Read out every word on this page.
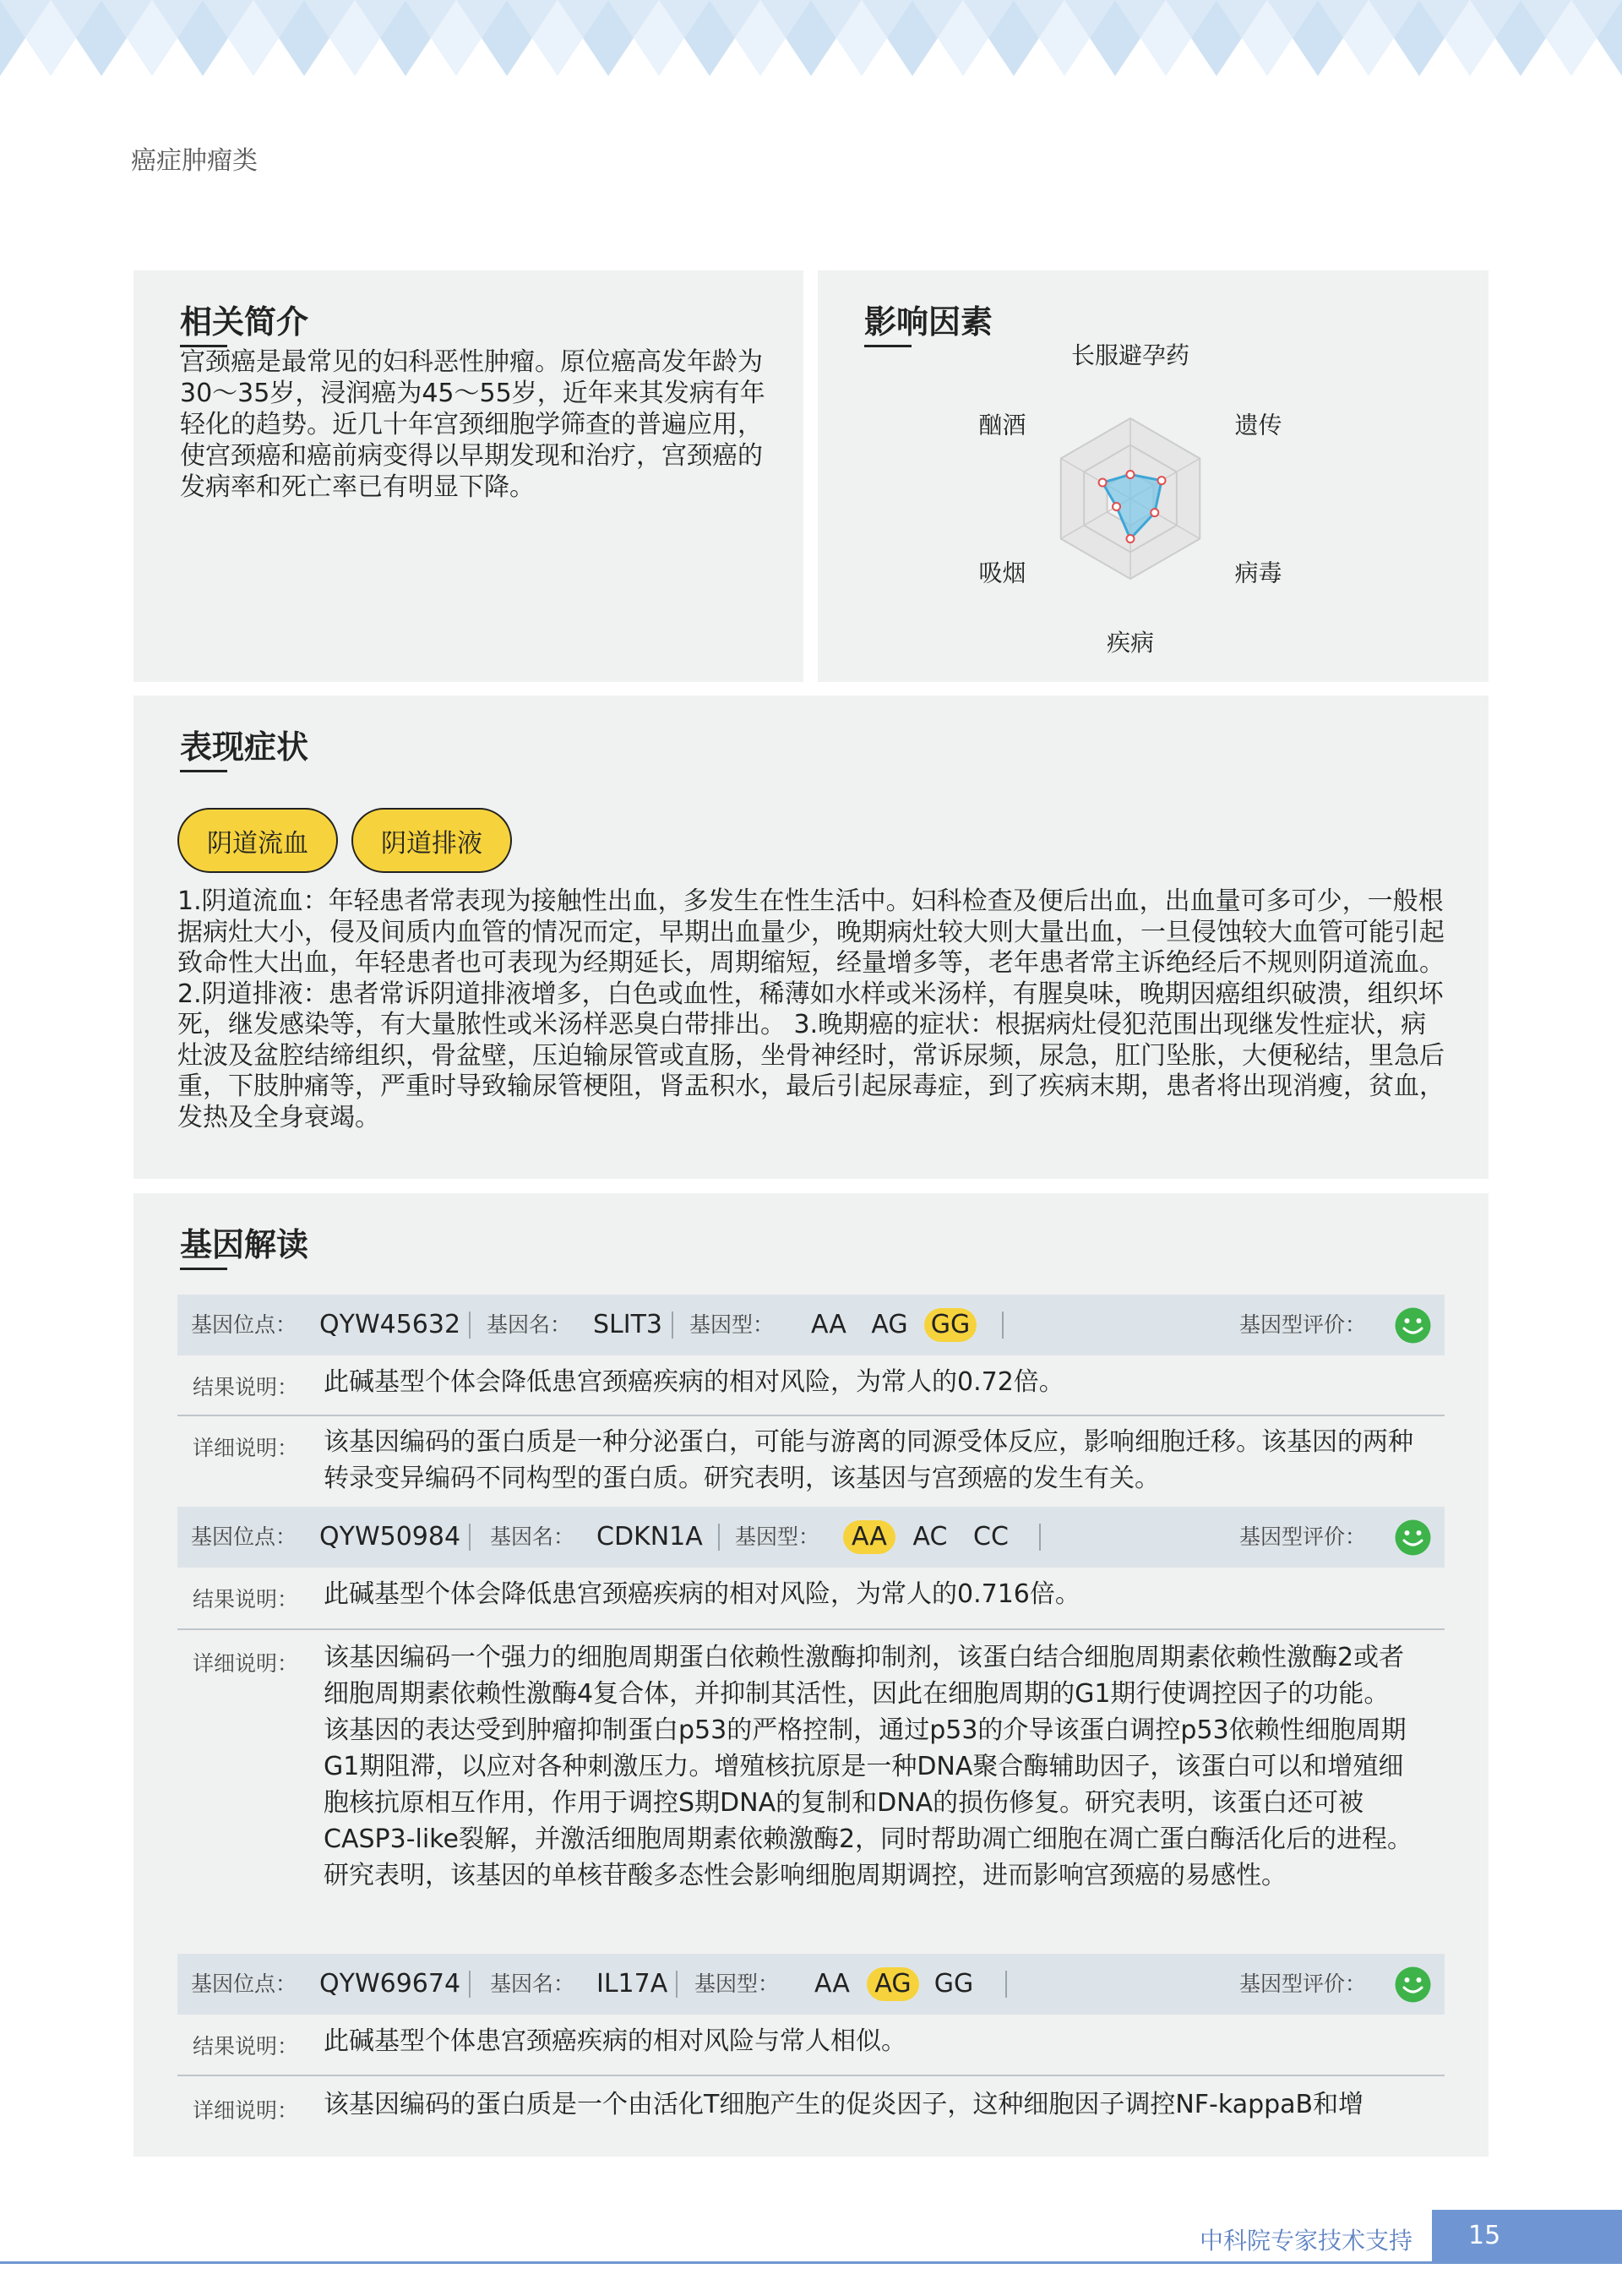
癌症肿瘤类
相关简介
宫颈癌是最常见的妇科恶性肿瘤。原位癌高发年龄为30～35岁，浸润癌为45～55岁，近年来其发病有年轻化的趋势。近几十年宫颈细胞学筛查的普遍应用，使宫颈癌和癌前病变得以早期发现和治疗，宫颈癌的发病率和死亡率已有明显下降。
影响因素
长服避孕药
遗传
病毒
疾病
吸烟
酗酒
表现症状
阴道流血	阴道排液
1.阴道流血：年轻患者常表现为接触性出血，多发生在性生活中。妇科检查及便后出血，出血量可多可少，一般根据病灶大小，侵及间质内血管的情况而定，早期出血量少，晚期病灶较大则大量出血，一旦侵蚀较大血管可能引起致命性大出血，年轻患者也可表现为经期延长，周期缩短，经量增多等，老年患者常主诉绝经后不规则阴道流血。 2.阴道排液：患者常诉阴道排液增多，白色或血性，稀薄如水样或米汤样，有腥臭味，晚期因癌组织破溃，组织坏死，继发感染等，有大量脓性或米汤样恶臭白带排出。 3.晚期癌的症状：根据病灶侵犯范围出现继发性症状，病灶波及盆腔结缔组织，骨盆壁，压迫输尿管或直肠，坐骨神经时，常诉尿频，尿急，肛门坠胀，大便秘结，里急后重，下肢肿痛等，严重时导致输尿管梗阻，肾盂积水，最后引起尿毒症，到了疾病末期，患者将出现消瘦，贫血，发热及全身衰竭。
基因解读
基因位点： QYW45632 基因名： SLIT3 基因型：	AA AG GG	基因型评价：
结果说明： 此碱基型个体会降低患宫颈癌疾病的相对风险，为常人的0.72倍。
详细说明： 该基因编码的蛋白质是一种分泌蛋白，可能与游离的同源受体反应，影响细胞迁移。该基因的两种转录变异编码不同构型的蛋白质。研究表明，该基因与宫颈癌的发生有关。
基因位点： QYW50984 基因名： CDKN1A 基因型：	AA	AC	CC	基因型评价：
结果说明： 此碱基型个体会降低患宫颈癌疾病的相对风险，为常人的0.716倍。
详细说明： 该基因编码一个强力的细胞周期蛋白依赖性激酶抑制剂，该蛋白结合细胞周期素依赖性激酶2或者细胞周期素依赖性激酶4复合体，并抑制其活性，因此在细胞周期的G1期行使调控因子的功能。该基因的表达受到肿瘤抑制蛋白p53的严格控制，通过p53的介导该蛋白调控p53依赖性细胞周期G1期阻滞，以应对各种刺激压力。增殖核抗原是一种DNA聚合酶辅助因子，该蛋白可以和增殖细胞核抗原相互作用，作用于调控S期DNA的复制和DNA的损伤修复。研究表明，该蛋白还可被CASP3-like裂解，并激活细胞周期素依赖激酶2，同时帮助凋亡细胞在凋亡蛋白酶活化后的进程。研究表明，该基因的单核苷酸多态性会影响细胞周期调控，进而影响宫颈癌的易感性。
基因位点： QYW69674 基因名： IL17A 基因型：	AA AG GG	基因型评价：
结果说明： 此碱基型个体患宫颈癌疾病的相对风险与常人相似。
详细说明： 该基因编码的蛋白质是一个由活化T细胞产生的促炎因子，这种细胞因子调控NF-kappaB和增
中科院专家技术支持 15
